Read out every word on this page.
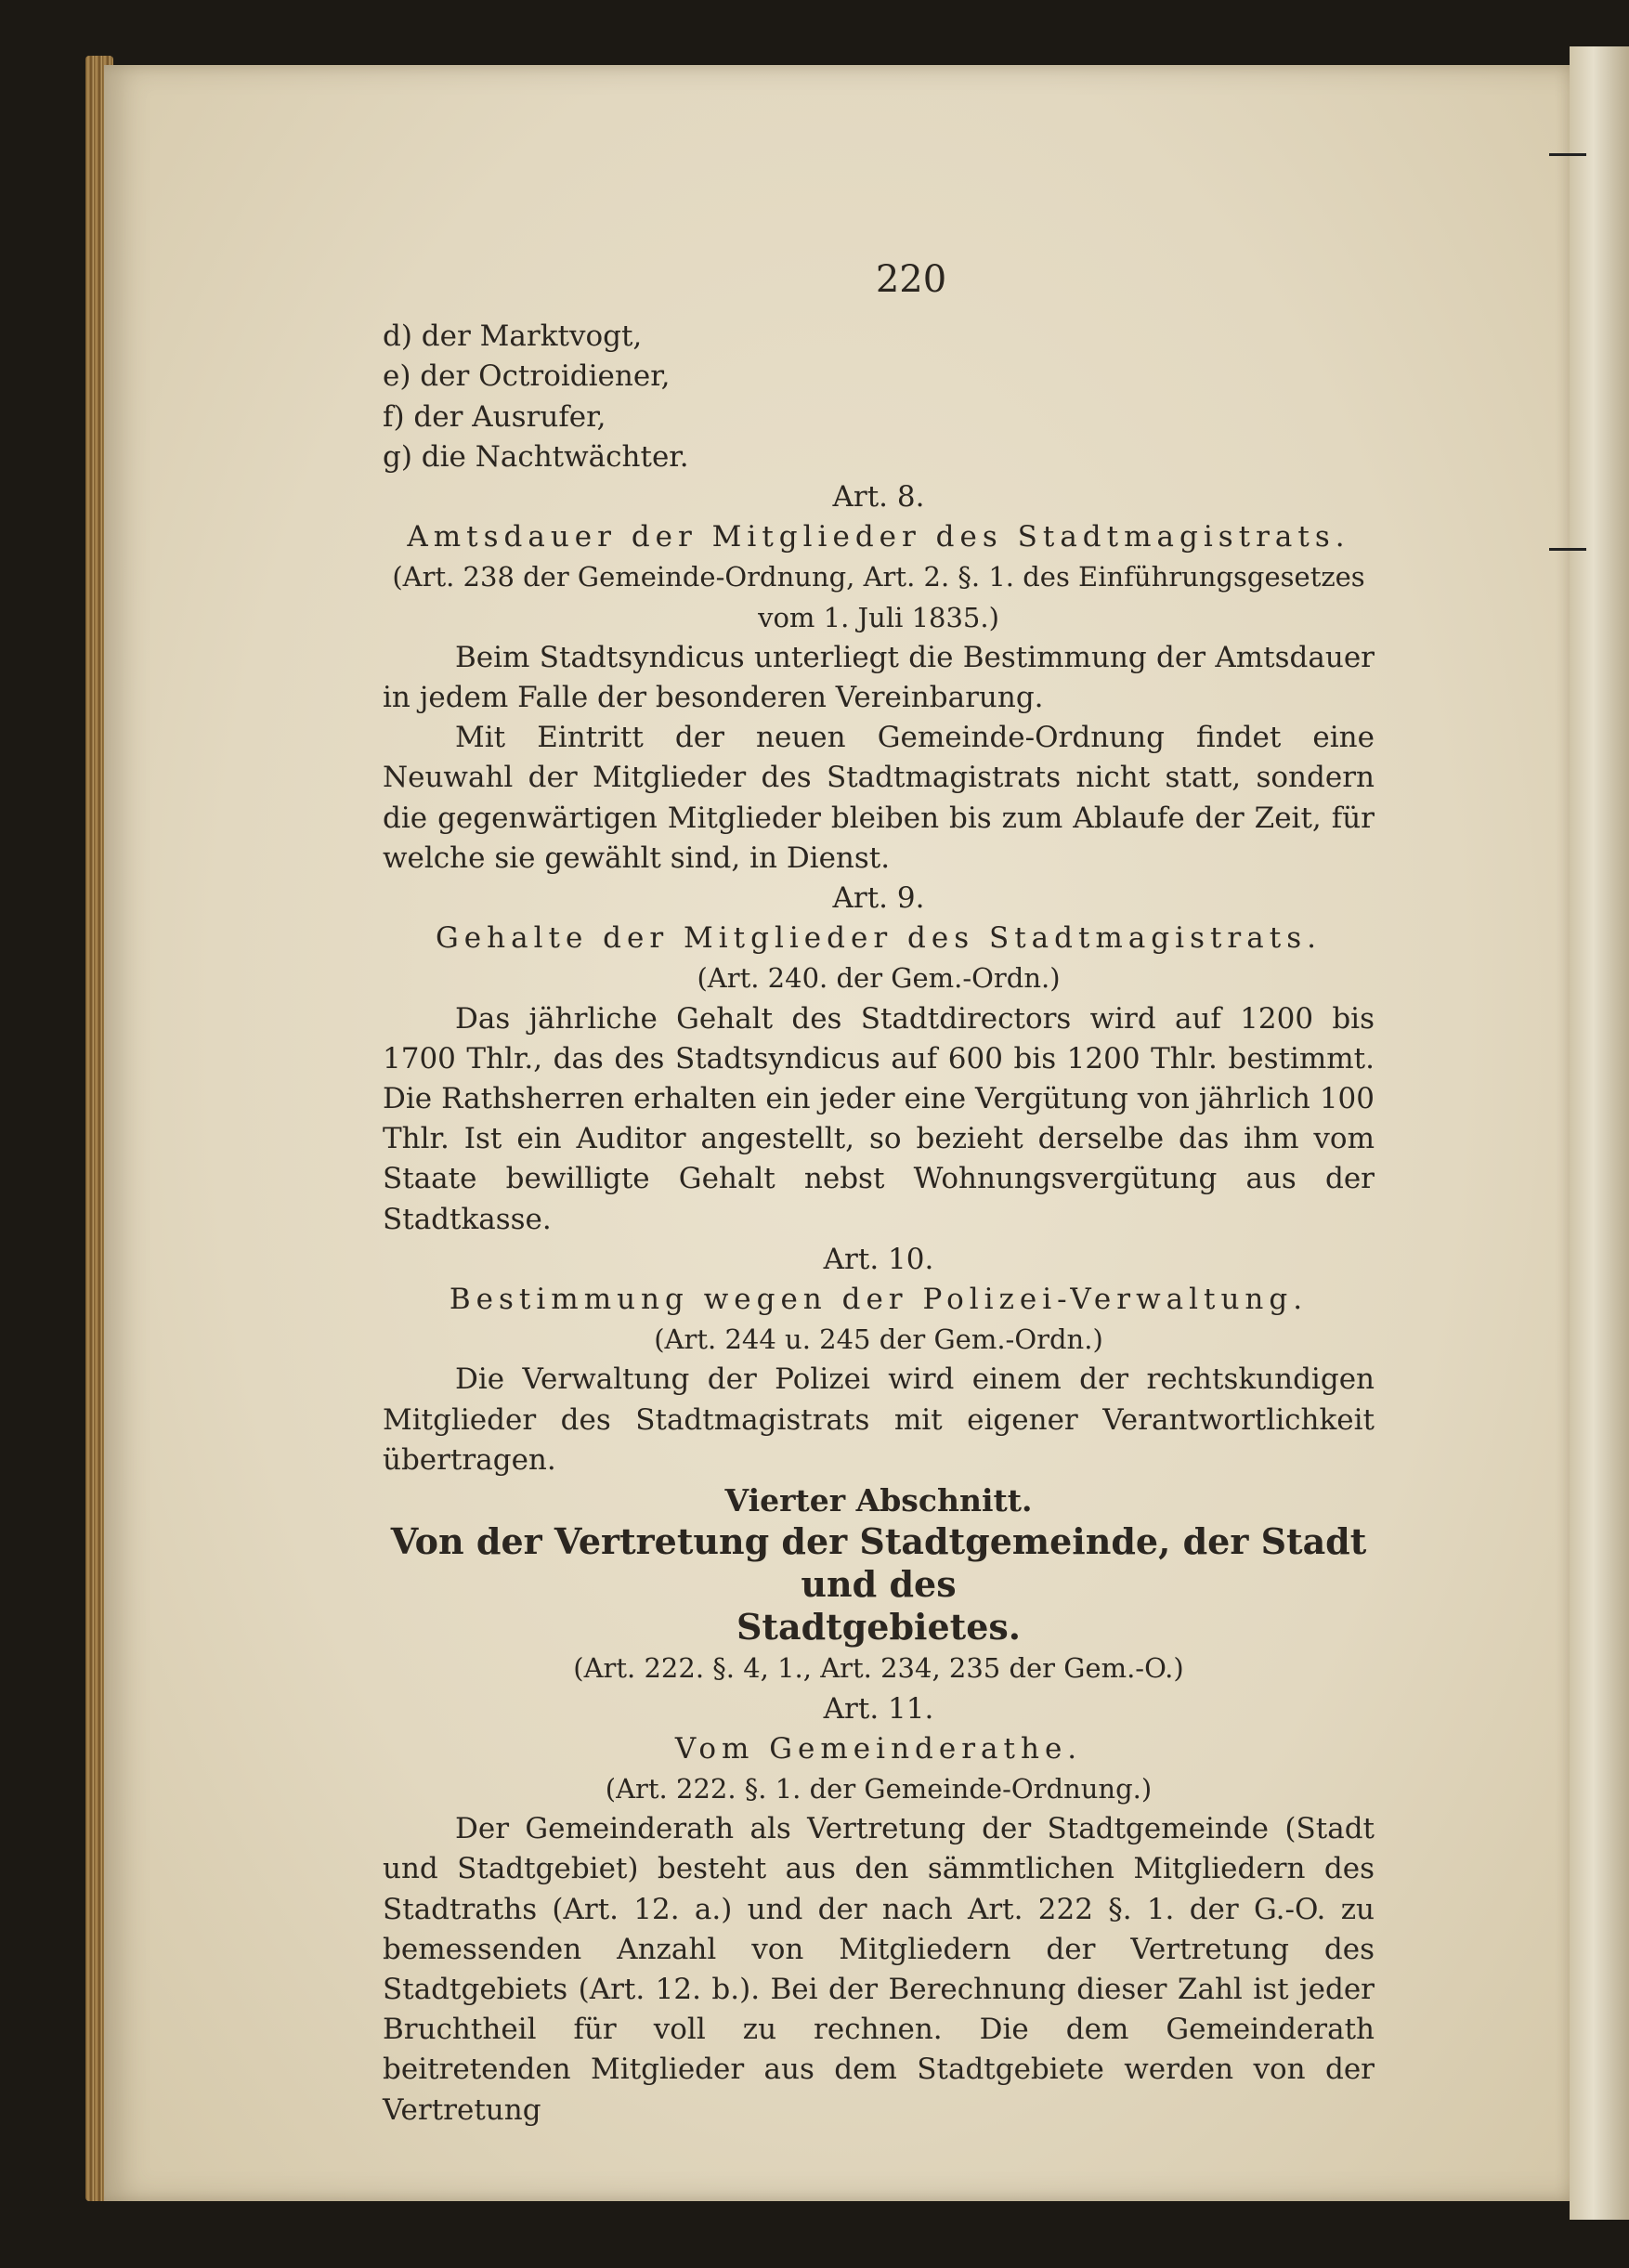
220
d) der Marktvogt,
e) der Octroidiener,
f) der Ausrufer,
g) die Nachtwächter.
Art. 8.
Amtsdauer der Mitglieder des Stadtmagistrats.
(Art. 238 der Gemeinde-Ordnung, Art. 2. §. 1. des Einführungsgesetzes
vom 1. Juli 1835.)
Beim Stadtsyndicus unterliegt die Bestimmung der Amtsdauer in jedem Falle der besonderen Vereinbarung.
Mit Eintritt der neuen Gemeinde-Ordnung findet eine Neuwahl der Mitglieder des Stadtmagistrats nicht statt, sondern die gegenwärtigen Mitglieder bleiben bis zum Ablaufe der Zeit, für welche sie gewählt sind, in Dienst.
Art. 9.
Gehalte der Mitglieder des Stadtmagistrats.
(Art. 240. der Gem.-Ordn.)
Das jährliche Gehalt des Stadtdirectors wird auf 1200 bis 1700 Thlr., das des Stadtsyndicus auf 600 bis 1200 Thlr. bestimmt. Die Rathsherren erhalten ein jeder eine Vergütung von jährlich 100 Thlr. Ist ein Auditor angestellt, so bezieht derselbe das ihm vom Staate bewilligte Gehalt nebst Wohnungsvergütung aus der Stadtkasse.
Art. 10.
Bestimmung wegen der Polizei-Verwaltung.
(Art. 244 u. 245 der Gem.-Ordn.)
Die Verwaltung der Polizei wird einem der rechtskundigen Mitglieder des Stadtmagistrats mit eigener Verantwortlichkeit übertragen.
Vierter Abschnitt.
Von der Vertretung der Stadtgemeinde, der Stadt und des
Stadtgebietes.
(Art. 222. §. 4, 1., Art. 234, 235 der Gem.-O.)
Art. 11.
Vom Gemeinderathe.
(Art. 222. §. 1. der Gemeinde-Ordnung.)
Der Gemeinderath als Vertretung der Stadtgemeinde (Stadt und Stadtgebiet) besteht aus den sämmtlichen Mitgliedern des Stadtraths (Art. 12. a.) und der nach Art. 222 §. 1. der G.-O. zu bemessenden Anzahl von Mitgliedern der Vertretung des Stadtgebiets (Art. 12. b.). Bei der Berechnung dieser Zahl ist jeder Bruchtheil für voll zu rechnen. Die dem Gemeinderath beitretenden Mitglieder aus dem Stadtgebiete werden von der Vertretung
